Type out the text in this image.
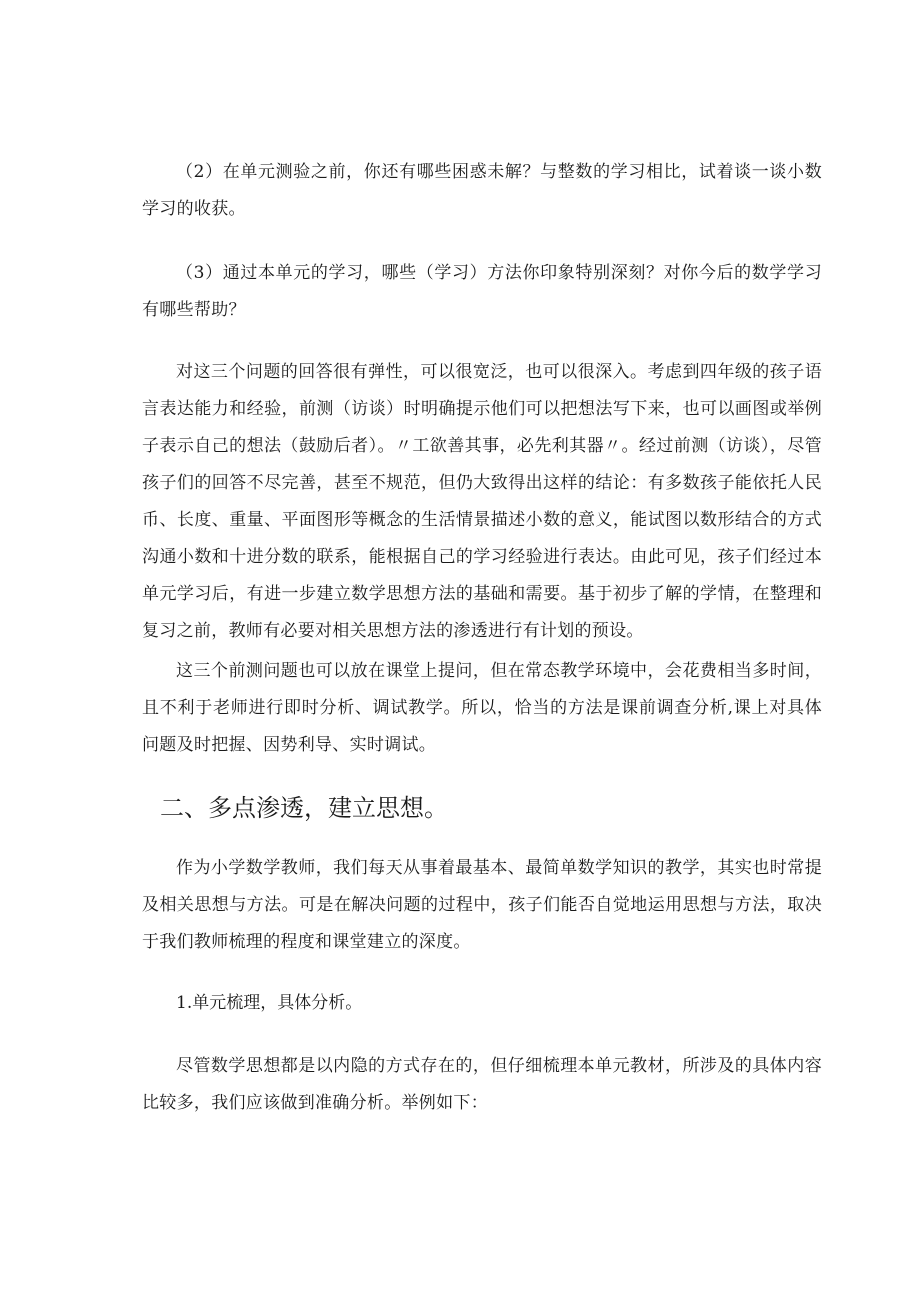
（2）在单元测验之前，你还有哪些困惑未解？与整数的学习相比，试着谈一谈小数学习的收获。

（3）通过本单元的学习，哪些（学习）方法你印象特别深刻？对你今后的数学学习有哪些帮助？

对这三个问题的回答很有弹性，可以很宽泛，也可以很深入。考虑到四年级的孩子语言表达能力和经验，前测（访谈）时明确提示他们可以把想法写下来，也可以画图或举例子表示自己的想法（鼓励后者）。〃工欲善其事，必先利其器〃。经过前测（访谈），尽管孩子们的回答不尽完善，甚至不规范，但仍大致得出这样的结论：有多数孩子能依托人民币、长度、重量、平面图形等概念的生活情景描述小数的意义，能试图以数形结合的方式沟通小数和十进分数的联系，能根据自己的学习经验进行表达。由此可见，孩子们经过本单元学习后，有进一步建立数学思想方法的基础和需要。基于初步了解的学情，在整理和复习之前，教师有必要对相关思想方法的渗透进行有计划的预设。

这三个前测问题也可以放在课堂上提问，但在常态教学环境中，会花费相当多时间，且不利于老师进行即时分析、调试教学。所以，恰当的方法是课前调查分析,课上对具体问题及时把握、因势利导、实时调试。

二、多点渗透，建立思想。

作为小学数学教师，我们每天从事着最基本、最简单数学知识的教学，其实也时常提及相关思想与方法。可是在解决问题的过程中，孩子们能否自觉地运用思想与方法，取决于我们教师梳理的程度和课堂建立的深度。

1.单元梳理，具体分析。

尽管数学思想都是以内隐的方式存在的，但仔细梳理本单元教材，所涉及的具体内容比较多，我们应该做到准确分析。举例如下：
